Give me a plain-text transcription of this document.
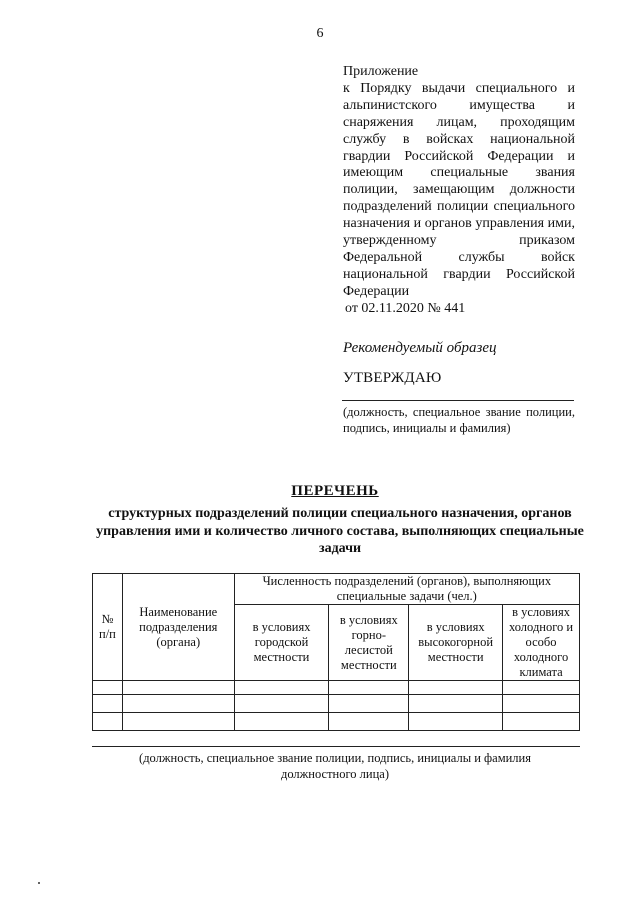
6
Приложение
к Порядку выдачи специального и альпинистского имущества и снаряжения лицам, проходящим службу в войсках национальной гвардии Российской Федерации и имеющим специальные звания полиции, замещающим должности подразделений полиции специального назначения и органов управления ими, утвержденному приказом Федеральной службы войск национальной гвардии Российской Федерации
от 02.11.2020 № 441
Рекомендуемый образец
УТВЕРЖДАЮ
(должность, специальное звание полиции, подпись, инициалы и фамилия)
ПЕРЕЧЕНЬ
структурных подразделений полиции специального назначения, органов управления ими и количество личного состава, выполняющих специальные задачи
№ п/п	Наименование подразделения (органа)	Численность подразделений (органов), выполняющих специальные задачи (чел.)			
		в условиях городской местности	в условиях горно-лесистой местности	в условиях высокогорной местности	в условиях холодного и особо холодного климата

(должность, специальное звание полиции, подпись, инициалы и фамилия должностного лица)
